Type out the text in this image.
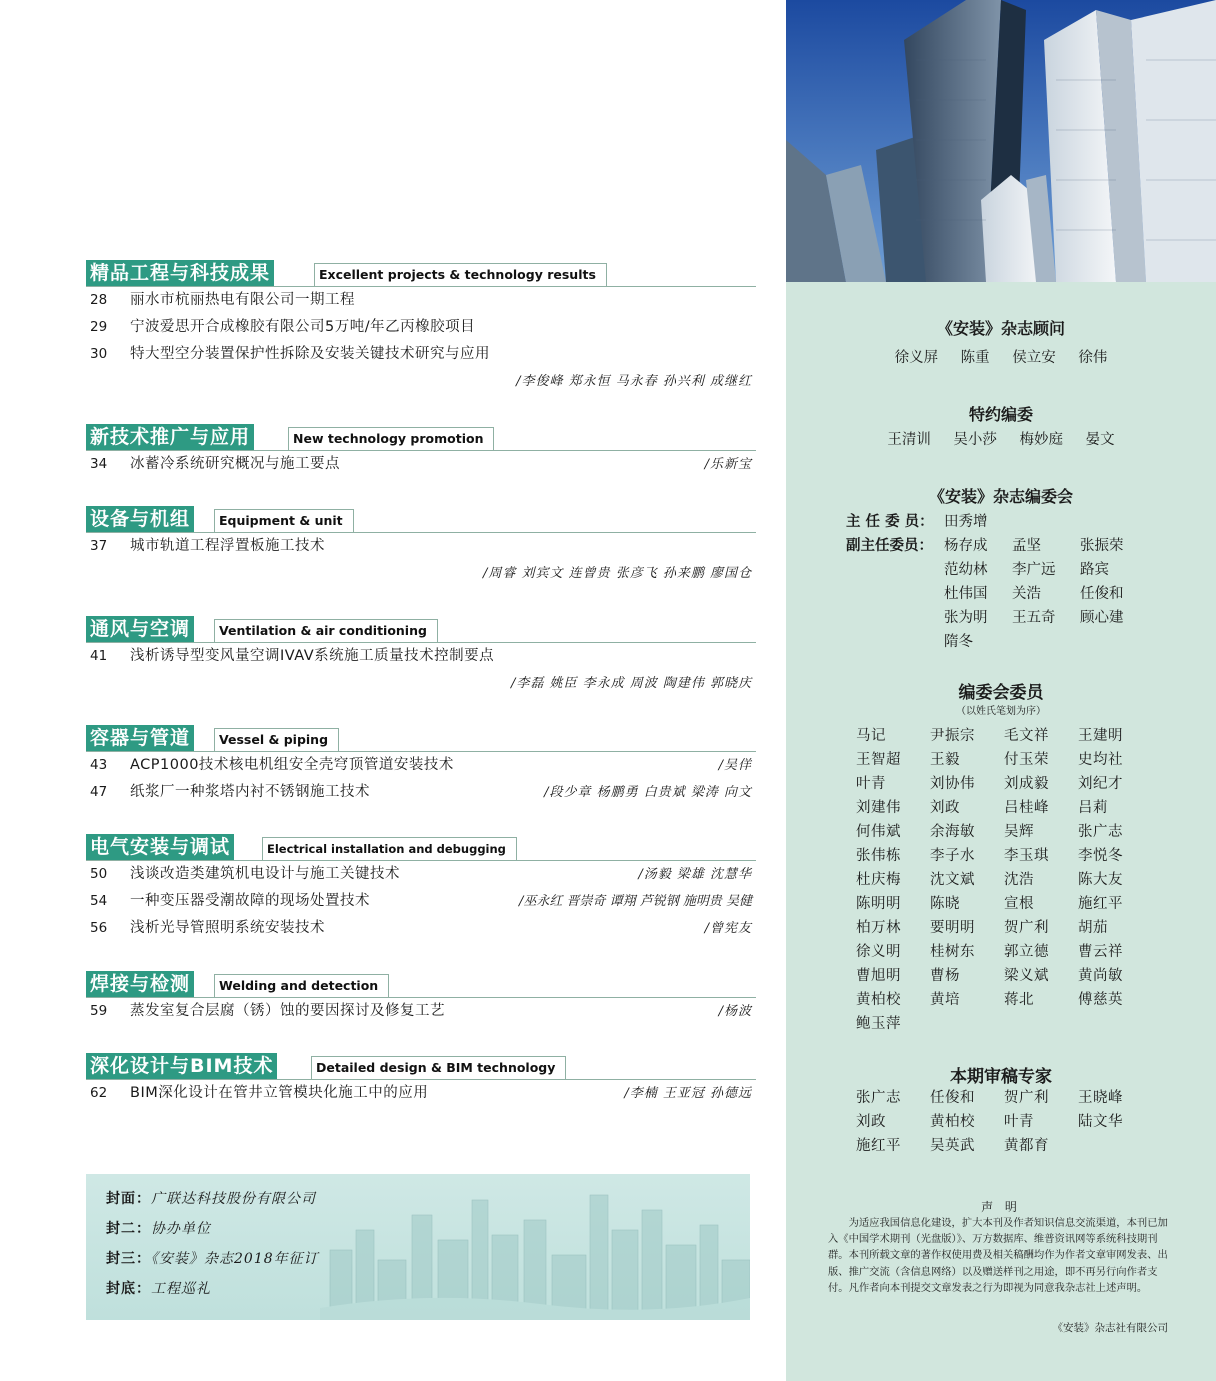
精品工程与科技成果	Excellent projects & technology results
28 丽水市杭丽热电有限公司一期工程
29 宁波爱思开合成橡胶有限公司5万吨/年乙丙橡胶项目
30 特大型空分装置保护性拆除及安装关键技术研究与应用
/李俊峰 郑永恒 马永春 孙兴利 成继红
新技术推广与应用	New technology promotion
34 冰蓄冷系统研究概况与施工要点	/乐新宝
设备与机组	Equipment & unit
37 城市轨道工程浮置板施工技术
/周睿 刘宾文 连曾贵 张彦飞 孙来鹏 廖国仓
通风与空调	Ventilation & air conditioning
41 浅析诱导型变风量空调IVAV系统施工质量技术控制要点
/李磊 姚臣 李永成 周波 陶建伟 郭晓庆
容器与管道	Vessel & piping
43 ACP1000技术核电机组安全壳穹顶管道安装技术	/吴佯
47 纸浆厂一种浆塔内衬不锈钢施工技术	/段少章 杨鹏勇 白贵斌 梁涛 向文
电气安装与调试	Electrical installation and debugging
50 浅谈改造类建筑机电设计与施工关键技术	/汤毅 梁雄 沈慧华
54 一种变压器受潮故障的现场处置技术	/巫永红 晋崇奇 谭翔 芦锐钢 施明贵 吴健
56 浅析光导管照明系统安装技术	/曾宪友
焊接与检测	Welding and detection
59 蒸发室复合层腐（锈）蚀的要因探讨及修复工艺	/杨波
深化设计与BIM技术	Detailed design & BIM technology
62 BIM深化设计在管井立管模块化施工中的应用	/李楠 王亚冠 孙德远
封面：广联达科技股份有限公司
封二：协办单位
封三：《安装》杂志2018年征订
封底：工程巡礼
《安装》杂志顾问
徐义屏 陈重 侯立安 徐伟
特约编委
王清训 吴小莎 梅妙庭 晏文
《安装》杂志编委会
主 任 委 员： 田秀增
副主任委员： 杨存成	孟坚	张振荣
范幼林	李广远	路宾
杜伟国	关浩	任俊和
张为明	王五奇	顾心建
隋冬
编委会委员
（以姓氏笔划为序）
马记	尹振宗	毛文祥	王建明
王智超	王毅	付玉荣	史均社
叶青	刘协伟	刘成毅	刘纪才
刘建伟	刘政	吕桂峰	吕莉
何伟斌	余海敏	吴辉	张广志
张伟栋	李子水	李玉琪	李悦冬
杜庆梅	沈文斌	沈浩	陈大友
陈明明	陈晓	宣根	施红平
柏万林	要明明	贺广利	胡茄
徐义明	桂树东	郭立德	曹云祥
曹旭明	曹杨	梁义斌	黄尚敏
黄柏校	黄培	蒋北	傅慈英
鲍玉萍
本期审稿专家
张广志	任俊和	贺广利	王晓峰
刘政	黄柏校	叶青	陆文华
施红平	吴英武	黄都育
声 明
为适应我国信息化建设，扩大本刊及作者知识信息交流渠道，本刊已加入《中国学术期刊（光盘版）》、万方数据库、维普资讯网等系统科技期刊群。本刊所载文章的著作权使用费及相关稿酬均作为作者文章审网发表、出版、推广交流（含信息网络）以及赠送样刊之用途，即不再另行向作者支付。凡作者向本刊提交文章发表之行为即视为同意我杂志社上述声明。
《安装》杂志社有限公司
